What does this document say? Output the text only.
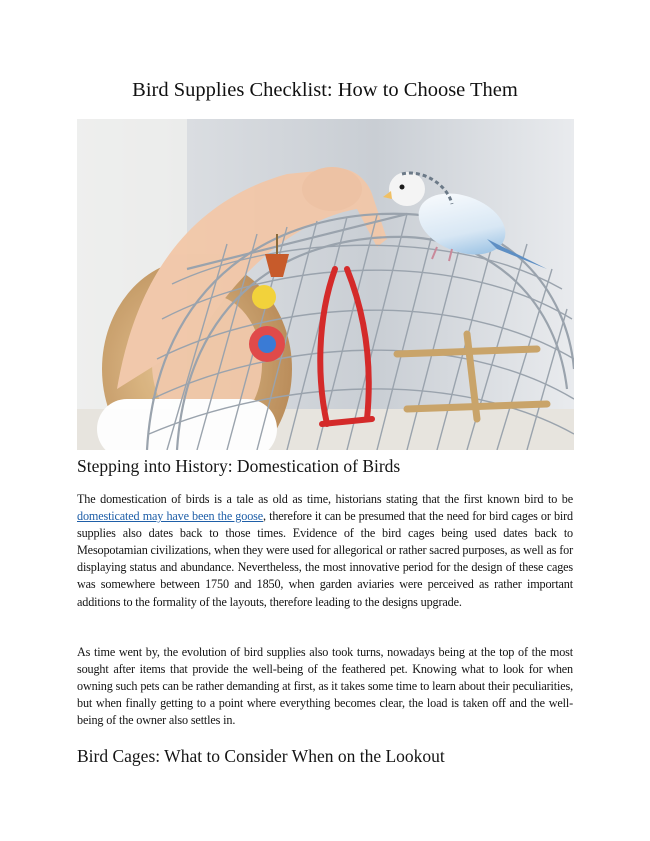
Bird Supplies Checklist: How to Choose Them
Stepping into History: Domestication of Birds

The domestication of birds is a tale as old as time, historians stating that the first known bird to be domesticated may have been the goose, therefore it can be presumed that the need for bird cages or bird supplies also dates back to those times. Evidence of the bird cages being used dates back to Mesopotamian civilizations, when they were used for allegorical or rather sacred purposes, as well as for displaying status and abundance. Nevertheless, the most innovative period for the design of these cages was somewhere between 1750 and 1850, when garden aviaries were perceived as rather important additions to the formality of the layouts, therefore leading to the designs upgrade.

As time went by, the evolution of bird supplies also took turns, nowadays being at the top of the most sought after items that provide the well-being of the feathered pet. Knowing what to look for when owning such pets can be rather demanding at first, as it takes some time to learn about their peculiarities, but when finally getting to a point where everything becomes clear, the load is taken off and the well-being of the owner also settles in.

Bird Cages: What to Consider When on the Lookout
